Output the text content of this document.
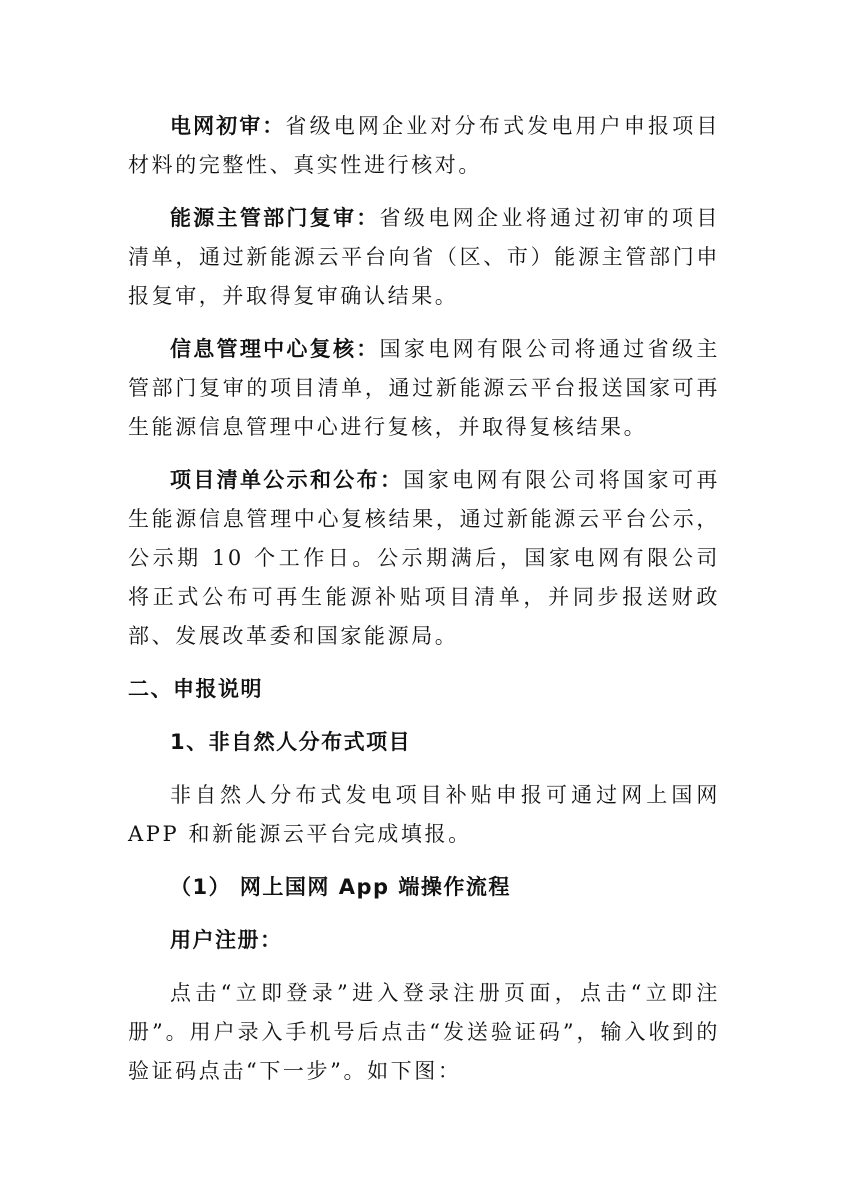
电网初审：省级电网企业对分布式发电用户申报项目材料的完整性、真实性进行核对。

能源主管部门复审：省级电网企业将通过初审的项目清单，通过新能源云平台向省（区、市）能源主管部门申报复审，并取得复审确认结果。

信息管理中心复核：国家电网有限公司将通过省级主管部门复审的项目清单，通过新能源云平台报送国家可再生能源信息管理中心进行复核，并取得复核结果。

项目清单公示和公布：国家电网有限公司将国家可再生能源信息管理中心复核结果，通过新能源云平台公示，公示期 10 个工作日。公示期满后，国家电网有限公司将正式公布可再生能源补贴项目清单，并同步报送财政部、发展改革委和国家能源局。

二、申报说明
1、非自然人分布式项目

非自然人分布式发电项目补贴申报可通过网上国网 APP 和新能源云平台完成填报。

（1） 网上国网 App 端操作流程
用户注册：

点击“立即登录”进入登录注册页面，点击“立即注册”。用户录入手机号后点击“发送验证码”，输入收到的验证码点击“下一步”。如下图：
